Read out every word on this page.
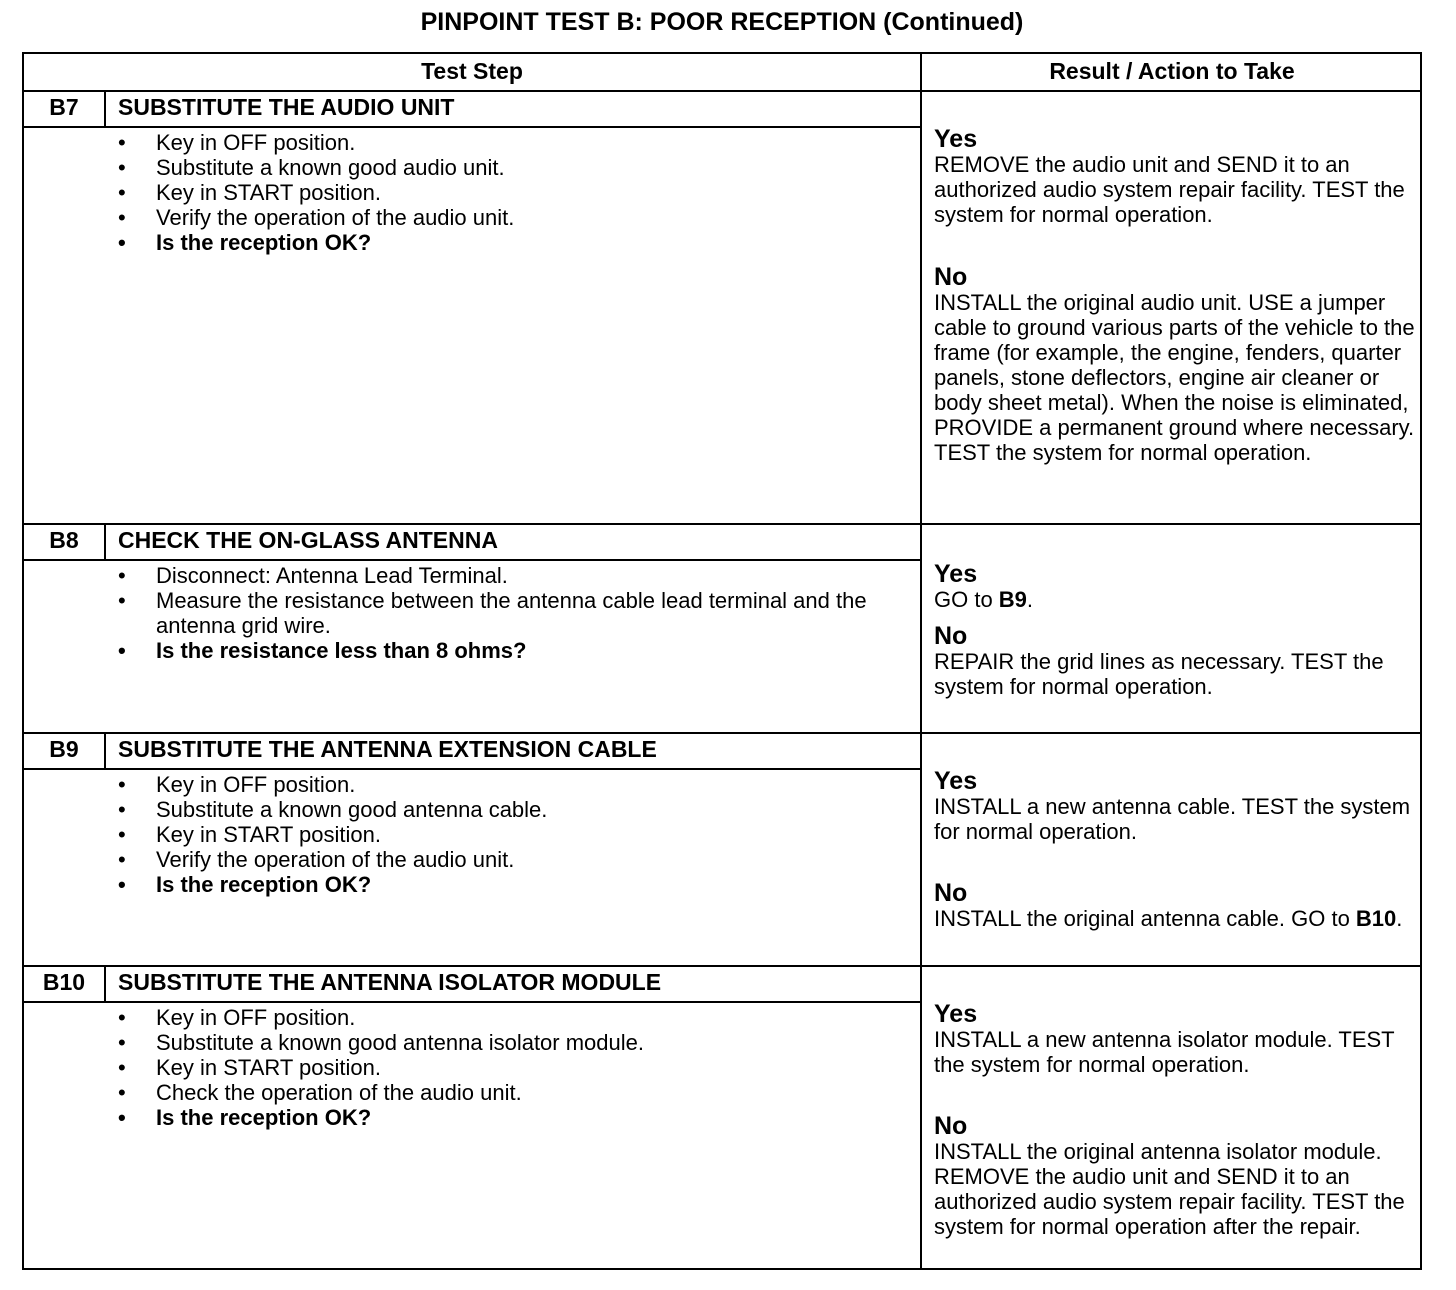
PINPOINT TEST B: POOR RECEPTION (Continued)
Test Step	Result / Action to Take
B7	SUBSTITUTE THE AUDIO UNIT
• Key in OFF position.
• Substitute a known good audio unit.
• Key in START position.
• Verify the operation of the audio unit.
• Is the reception OK?
Yes
REMOVE the audio unit and SEND it to an authorized audio system repair facility. TEST the system for normal operation.
No
INSTALL the original audio unit. USE a jumper cable to ground various parts of the vehicle to the frame (for example, the engine, fenders, quarter panels, stone deflectors, engine air cleaner or body sheet metal). When the noise is eliminated, PROVIDE a permanent ground where necessary. TEST the system for normal operation.
B8	CHECK THE ON-GLASS ANTENNA
• Disconnect: Antenna Lead Terminal.
• Measure the resistance between the antenna cable lead terminal and the antenna grid wire.
• Is the resistance less than 8 ohms?
Yes
GO to B9.
No
REPAIR the grid lines as necessary. TEST the system for normal operation.
B9	SUBSTITUTE THE ANTENNA EXTENSION CABLE
• Key in OFF position.
• Substitute a known good antenna cable.
• Key in START position.
• Verify the operation of the audio unit.
• Is the reception OK?
Yes
INSTALL a new antenna cable. TEST the system for normal operation.
No
INSTALL the original antenna cable. GO to B10.
B10	SUBSTITUTE THE ANTENNA ISOLATOR MODULE
• Key in OFF position.
• Substitute a known good antenna isolator module.
• Key in START position.
• Check the operation of the audio unit.
• Is the reception OK?
Yes
INSTALL a new antenna isolator module. TEST the system for normal operation.
No
INSTALL the original antenna isolator module. REMOVE the audio unit and SEND it to an authorized audio system repair facility. TEST the system for normal operation after the repair.
